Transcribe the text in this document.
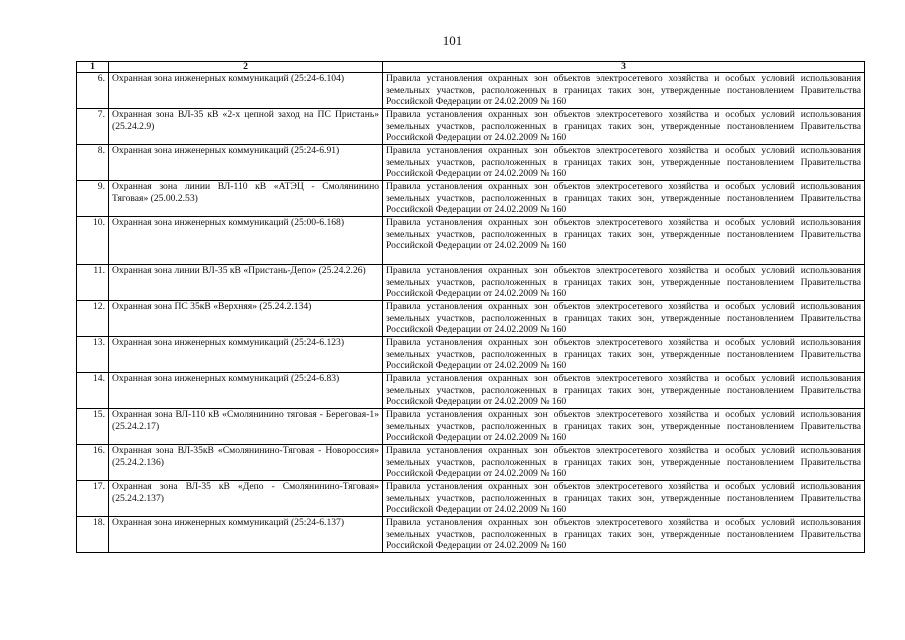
101
1	2	3
6.	Охранная зона инженерных коммуникаций (25:24-6.104)	Правила установления охранных зон объектов электросетевого хозяйства и особых условий использования земельных участков, расположенных в границах таких зон, утвержденные постановлением Правительства Российской Федерации от 24.02.2009 № 160
7.	Охранная зона ВЛ-35 кВ «2-х цепной заход на ПС Пристань» (25.24.2.9)	Правила установления охранных зон объектов электросетевого хозяйства и особых условий использования земельных участков, расположенных в границах таких зон, утвержденные постановлением Правительства Российской Федерации от 24.02.2009 № 160
8.	Охранная зона инженерных коммуникаций (25:24-6.91)	Правила установления охранных зон объектов электросетевого хозяйства и особых условий использования земельных участков, расположенных в границах таких зон, утвержденные постановлением Правительства Российской Федерации от 24.02.2009 № 160
9.	Охранная зона линии ВЛ-110 кВ «АТЭЦ - Смолянинино Тяговая» (25.00.2.53)	Правила установления охранных зон объектов электросетевого хозяйства и особых условий использования земельных участков, расположенных в границах таких зон, утвержденные постановлением Правительства Российской Федерации от 24.02.2009 № 160
10.	Охранная зона инженерных коммуникаций (25:00-6.168)	Правила установления охранных зон объектов электросетевого хозяйства и особых условий использования земельных участков, расположенных в границах таких зон, утвержденные постановлением Правительства Российской Федерации от 24.02.2009 № 160
11.	Охранная зона линии ВЛ-35 кВ «Пристань-Депо» (25.24.2.26)	Правила установления охранных зон объектов электросетевого хозяйства и особых условий использования земельных участков, расположенных в границах таких зон, утвержденные постановлением Правительства Российской Федерации от 24.02.2009 № 160
12.	Охранная зона ПС 35кВ «Верхняя» (25.24.2.134)	Правила установления охранных зон объектов электросетевого хозяйства и особых условий использования земельных участков, расположенных в границах таких зон, утвержденные постановлением Правительства Российской Федерации от 24.02.2009 № 160
13.	Охранная зона инженерных коммуникаций (25:24-6.123)	Правила установления охранных зон объектов электросетевого хозяйства и особых условий использования земельных участков, расположенных в границах таких зон, утвержденные постановлением Правительства Российской Федерации от 24.02.2009 № 160
14.	Охранная зона инженерных коммуникаций (25:24-6.83)	Правила установления охранных зон объектов электросетевого хозяйства и особых условий использования земельных участков, расположенных в границах таких зон, утвержденные постановлением Правительства Российской Федерации от 24.02.2009 № 160
15.	Охранная зона ВЛ-110 кВ «Смолянинино тяговая - Береговая-1» (25.24.2.17)	Правила установления охранных зон объектов электросетевого хозяйства и особых условий использования земельных участков, расположенных в границах таких зон, утвержденные постановлением Правительства Российской Федерации от 24.02.2009 № 160
16.	Охранная зона ВЛ-35кВ «Смолянинино-Тяговая - Новороссия» (25.24.2.136)	Правила установления охранных зон объектов электросетевого хозяйства и особых условий использования земельных участков, расположенных в границах таких зон, утвержденные постановлением Правительства Российской Федерации от 24.02.2009 № 160
17.	Охранная зона ВЛ-35 кВ «Депо - Смолянинино-Тяговая» (25.24.2.137)	Правила установления охранных зон объектов электросетевого хозяйства и особых условий использования земельных участков, расположенных в границах таких зон, утвержденные постановлением Правительства Российской Федерации от 24.02.2009 № 160
18.	Охранная зона инженерных коммуникаций (25:24-6.137)	Правила установления охранных зон объектов электросетевого хозяйства и особых условий использования земельных участков, расположенных в границах таких зон, утвержденные постановлением Правительства Российской Федерации от 24.02.2009 № 160
